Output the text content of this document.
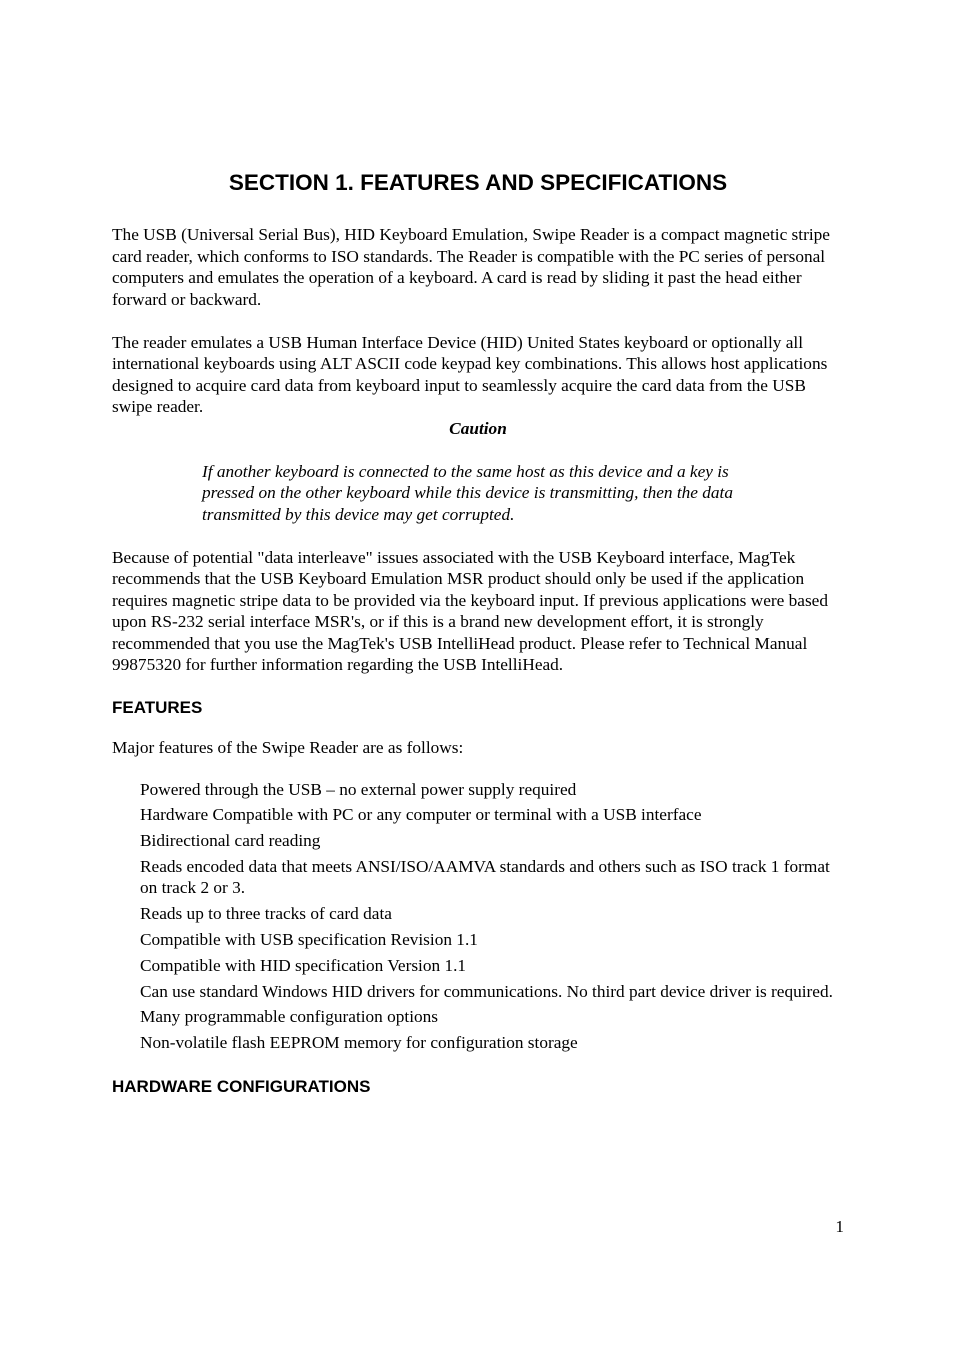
SECTION 1. FEATURES AND SPECIFICATIONS

The USB (Universal Serial Bus), HID Keyboard Emulation, Swipe Reader is a compact magnetic stripe card reader, which conforms to ISO standards. The Reader is compatible with the PC series of personal computers and emulates the operation of a keyboard. A card is read by sliding it past the head either forward or backward.

The reader emulates a USB Human Interface Device (HID) United States keyboard or optionally all international keyboards using ALT ASCII code keypad key combinations. This allows host applications designed to acquire card data from keyboard input to seamlessly acquire the card data from the USB swipe reader.

Caution

If another keyboard is connected to the same host as this device and a key is pressed on the other keyboard while this device is transmitting, then the data transmitted by this device may get corrupted.

Because of potential "data interleave" issues associated with the USB Keyboard interface, MagTek recommends that the USB Keyboard Emulation MSR product should only be used if the application requires magnetic stripe data to be provided via the keyboard input. If previous applications were based upon RS-232 serial interface MSR's, or if this is a brand new development effort, it is strongly recommended that you use the MagTek's USB IntelliHead product. Please refer to Technical Manual 99875320 for further information regarding the USB IntelliHead.

FEATURES

Major features of the Swipe Reader are as follows:

Powered through the USB – no external power supply required
Hardware Compatible with PC or any computer or terminal with a USB interface
Bidirectional card reading
Reads encoded data that meets ANSI/ISO/AAMVA standards and others such as ISO track 1 format on track 2 or 3.
Reads up to three tracks of card data
Compatible with USB specification Revision 1.1
Compatible with HID specification Version 1.1
Can use standard Windows HID drivers for communications. No third part device driver is required.
Many programmable configuration options
Non-volatile flash EEPROM memory for configuration storage
HARDWARE CONFIGURATIONS
1
